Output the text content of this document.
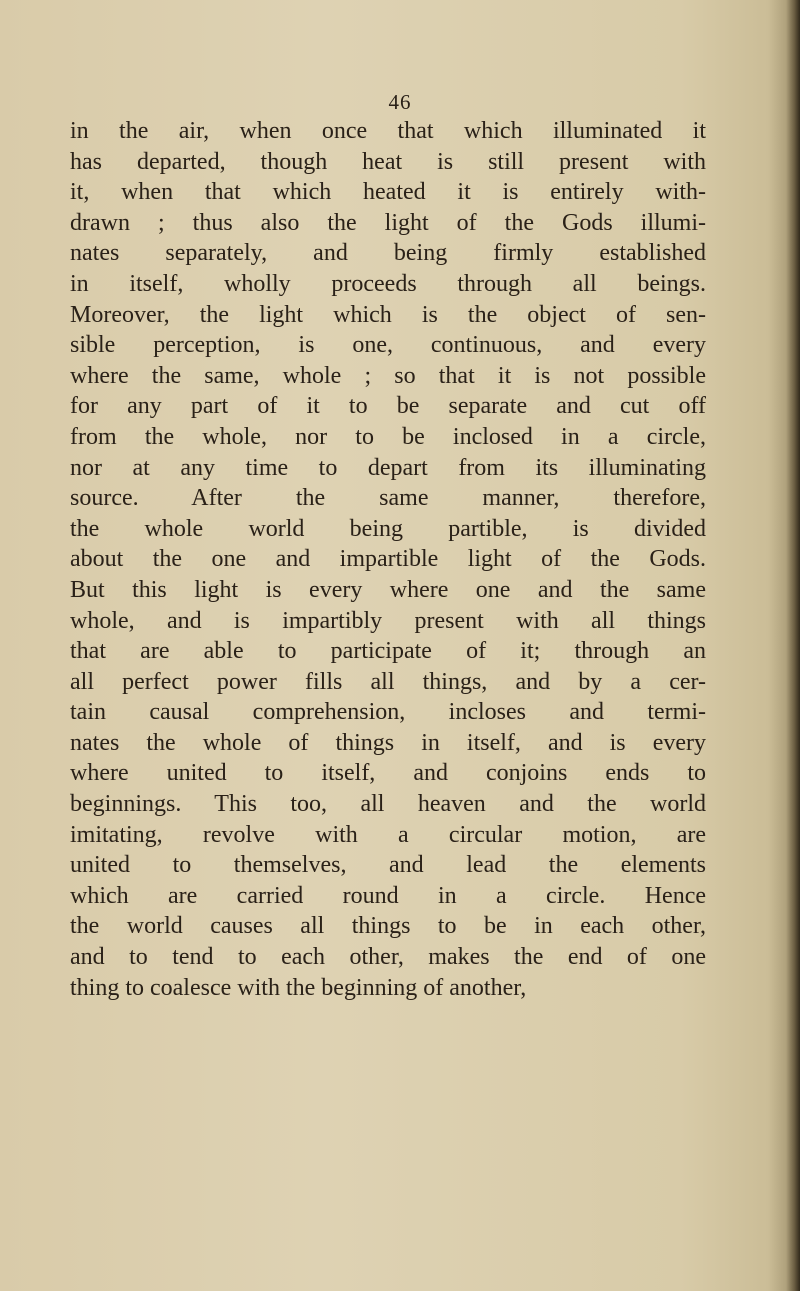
46
in the air, when once that which illuminated it
has departed, though heat is still present with
it, when that which heated it is entirely with-
drawn ; thus also the light of the Gods illumi-
nates separately, and being firmly established
in itself, wholly proceeds through all beings.
Moreover, the light which is the object of sen-
sible perception, is one, continuous, and every
where the same, whole ; so that it is not possible
for any part of it to be separate and cut off
from the whole, nor to be inclosed in a circle,
nor at any time to depart from its illuminating
source. After the same manner, therefore,
the whole world being partible, is divided
about the one and impartible light of the Gods.
But this light is every where one and the same
whole, and is impartibly present with all things
that are able to participate of it; through an
all perfect power fills all things, and by a cer-
tain causal comprehension, incloses and termi-
nates the whole of things in itself, and is every
where united to itself, and conjoins ends to
beginnings. This too, all heaven and the world
imitating, revolve with a circular motion, are
united to themselves, and lead the elements
which are carried round in a circle. Hence
the world causes all things to be in each other,
and to tend to each other, makes the end of one
thing to coalesce with the beginning of another,
